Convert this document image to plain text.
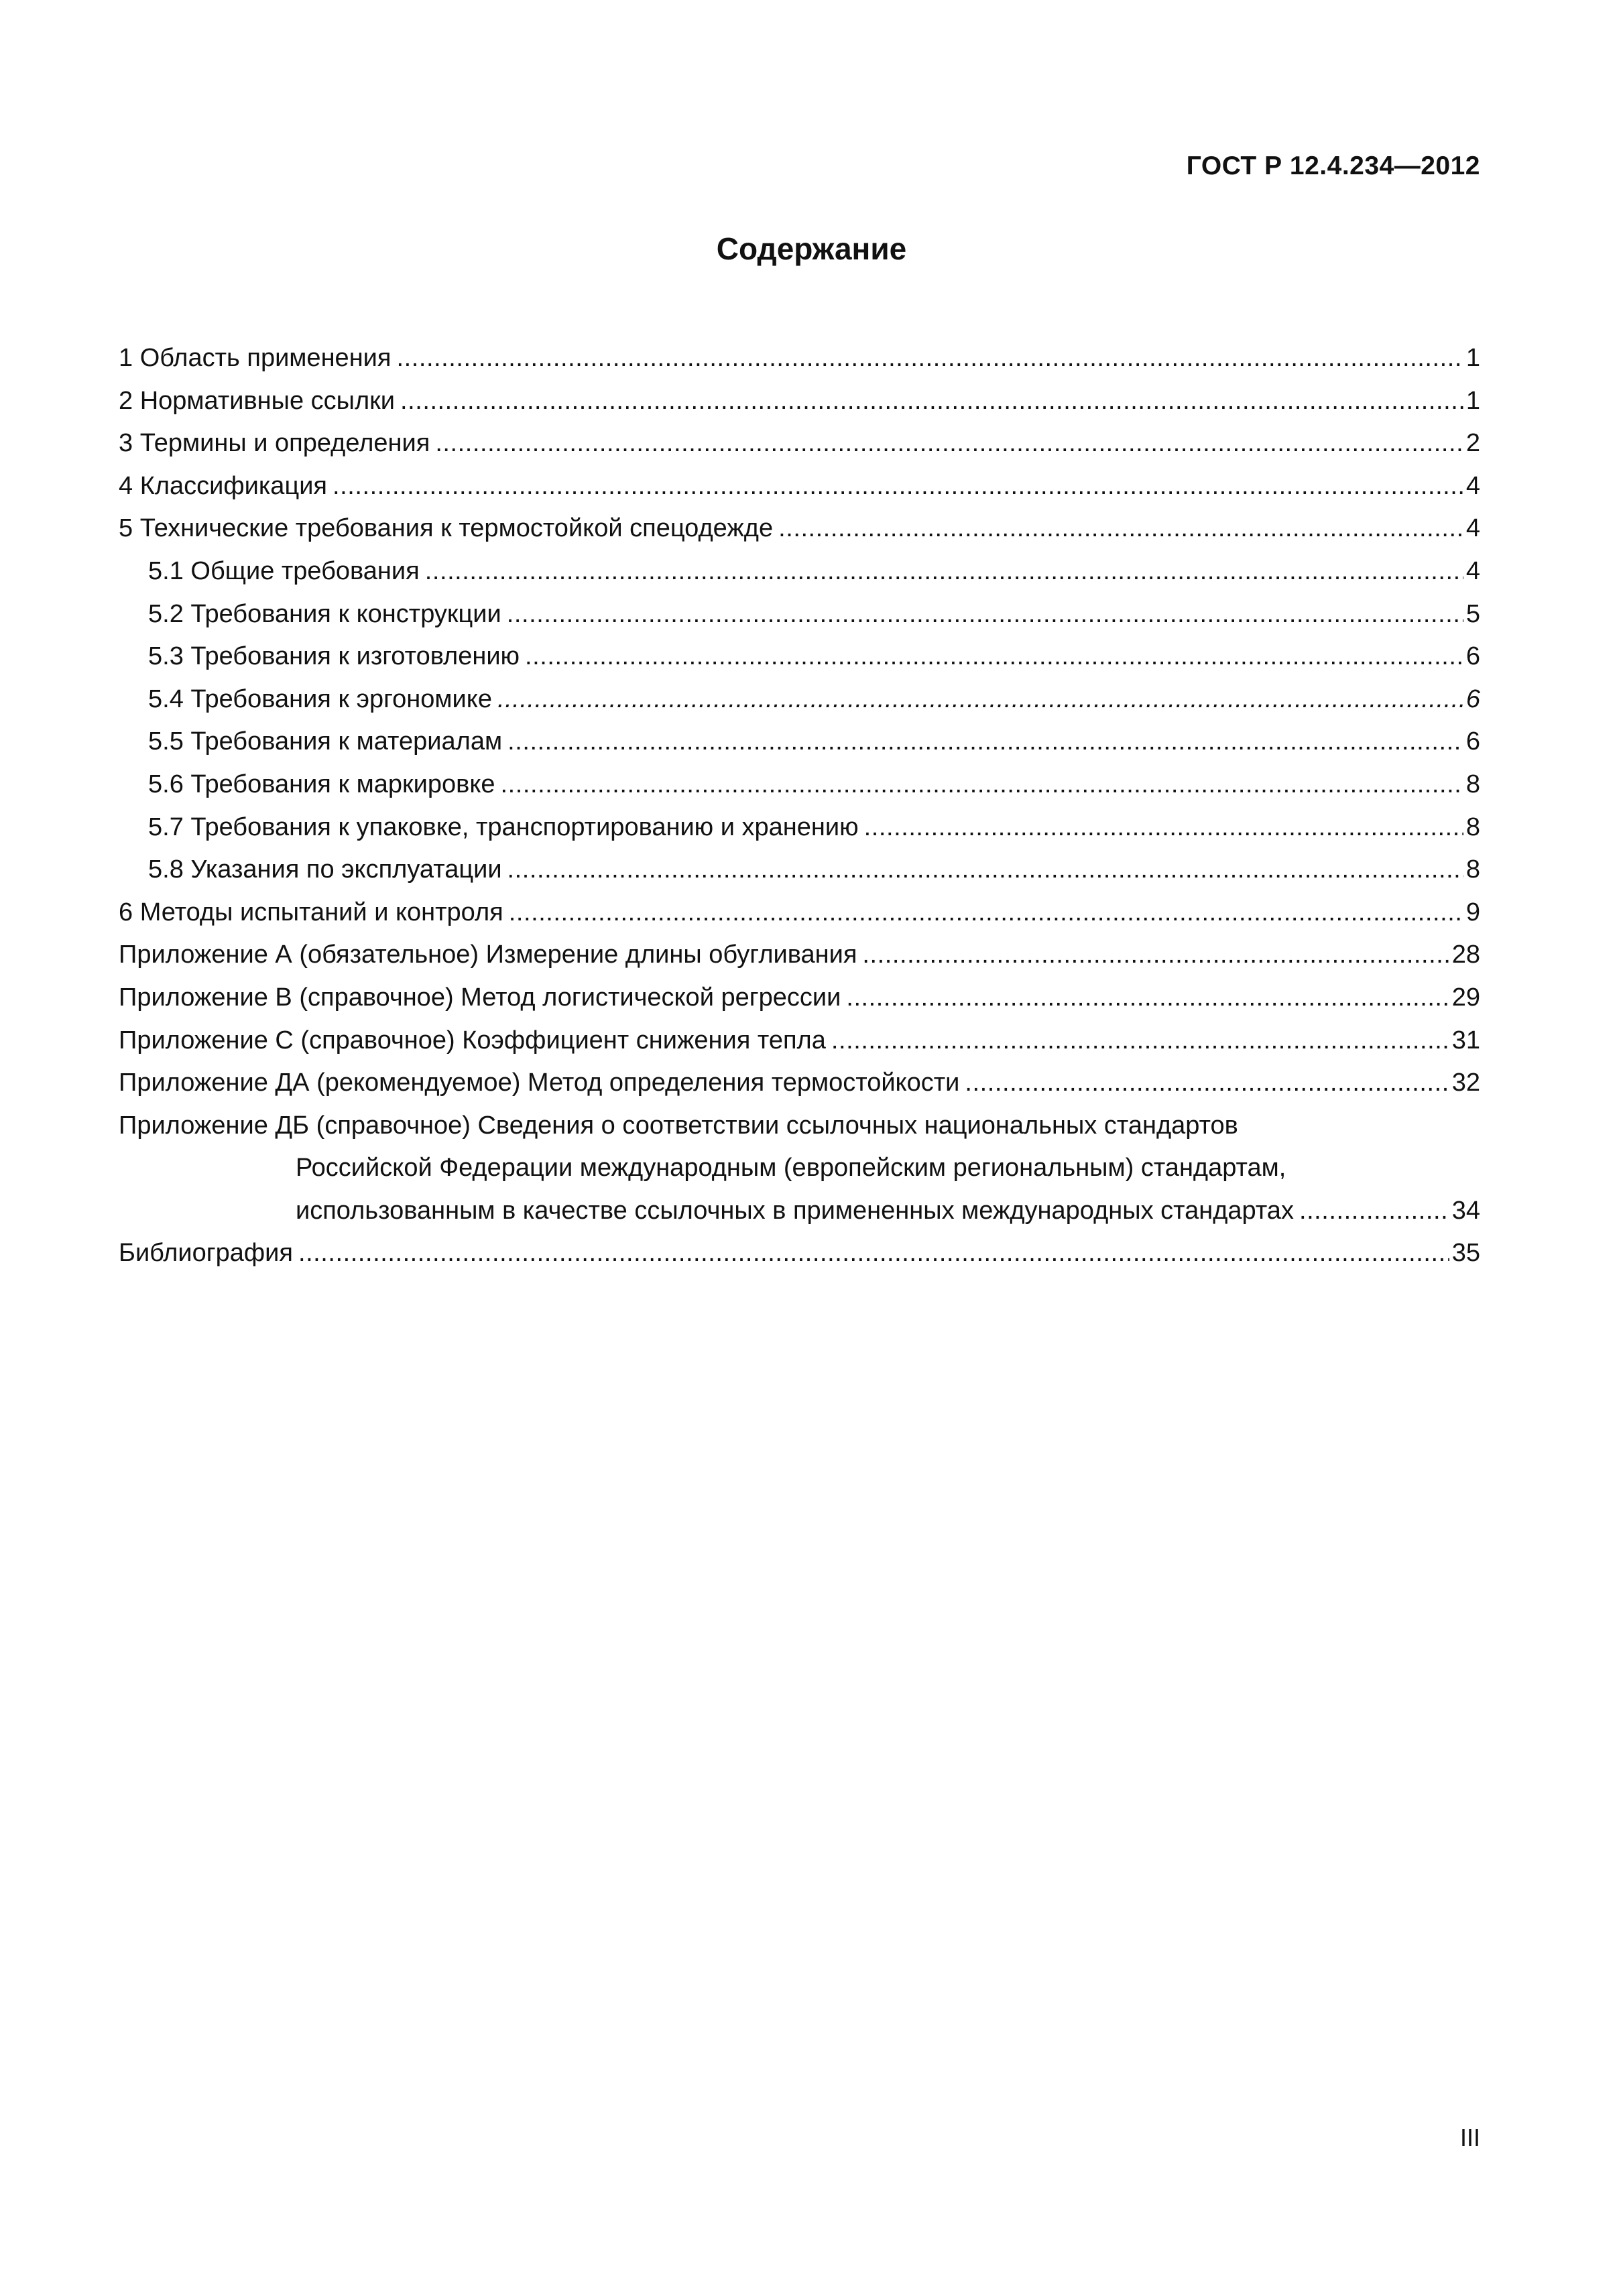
ГОСТ Р 12.4.234—2012
Содержание
1 Область применения . . .	1
2 Нормативные ссылки . . .	1
3 Термины и определения . . .	2
4 Классификация . . .	4
5 Технические требования к термостойкой спецодежде . . .	4
5.1 Общие требования . . .	4
5.2 Требования к конструкции . . .	5
5.3 Требования к изготовлению . . .	6
5.4 Требования к эргономике . . .	6
5.5 Требования к материалам . . .	6
5.6 Требования к маркировке . . .	8
5.7 Требования к упаковке, транспортированию и хранению . . .	8
5.8 Указания по эксплуатации . . .	8
6 Методы испытаний и контроля . . .	9
Приложение А (обязательное) Измерение длины обугливания . . .	28
Приложение В (справочное) Метод логистической регрессии . . .	29
Приложение С (справочное) Коэффициент снижения тепла . . .	31
Приложение ДА (рекомендуемое) Метод определения термостойкости . . .	32
Приложение ДБ (справочное) Сведения о соответствии ссылочных национальных стандартов
Российской Федерации международным (европейским региональным) стандартам,
использованным в качестве ссылочных в примененных международных стандартах . . .	34
Библиография . . .	35
III
